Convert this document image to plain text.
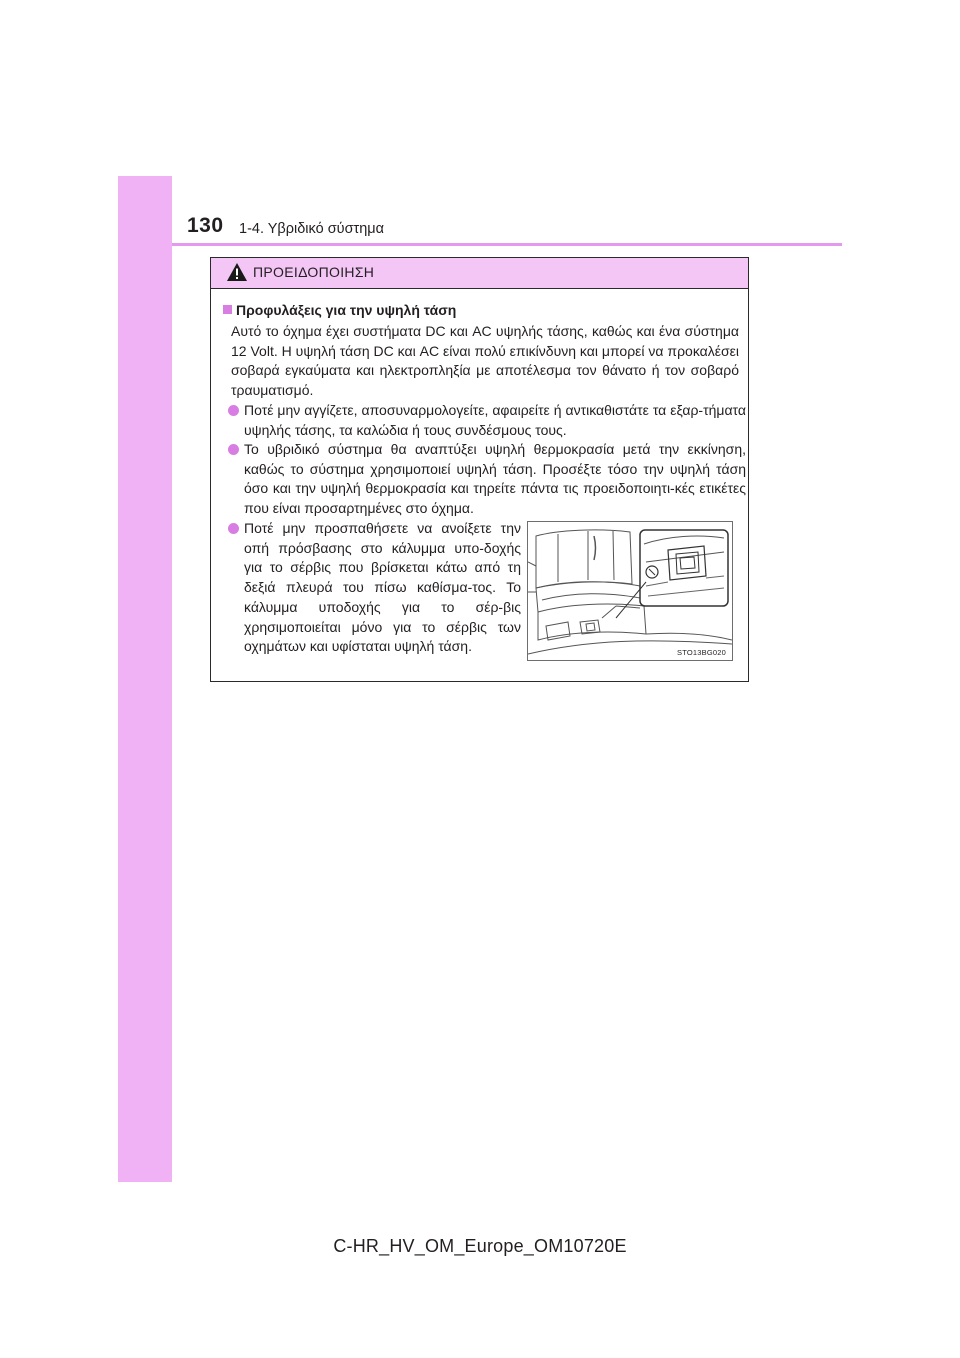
130 1-4. Υβριδικό σύστημα
ΠΡΟΕΙΔΟΠΟΙΗΣΗ
Προφυλάξεις για την υψηλή τάση
Αυτό το όχημα έχει συστήματα DC και AC υψηλής τάσης, καθώς και ένα σύστημα 12 Volt. Η υψηλή τάση DC και AC είναι πολύ επικίνδυνη και μπορεί να προκαλέσει σοβαρά εγκαύματα και ηλεκτροπληξία με αποτέλεσμα τον θάνατο ή τον σοβαρό τραυματισμό.
Ποτέ μην αγγίζετε, αποσυναρμολογείτε, αφαιρείτε ή αντικαθιστάτε τα εξαρ-τήματα υψηλής τάσης, τα καλώδια ή τους συνδέσμους τους.
Το υβριδικό σύστημα θα αναπτύξει υψηλή θερμοκρασία μετά την εκκίνηση, καθώς το σύστημα χρησιμοποιεί υψηλή τάση. Προσέξτε τόσο την υψηλή τάση όσο και την υψηλή θερμοκρασία και τηρείτε πάντα τις προειδοποιητι-κές ετικέτες που είναι προσαρτημένες στο όχημα.
Ποτέ μην προσπαθήσετε να ανοίξετε την οπή πρόσβασης στο κάλυμμα υπο-δοχής για το σέρβις που βρίσκεται κάτω από τη δεξιά πλευρά του πίσω καθίσμα-τος. Το κάλυμμα υποδοχής για το σέρ-βις χρησιμοποιείται μόνο για το σέρβις των οχημάτων και υφίσταται υψηλή τάση.	STO13BG020
C-HR_HV_OM_Europe_OM10720E
